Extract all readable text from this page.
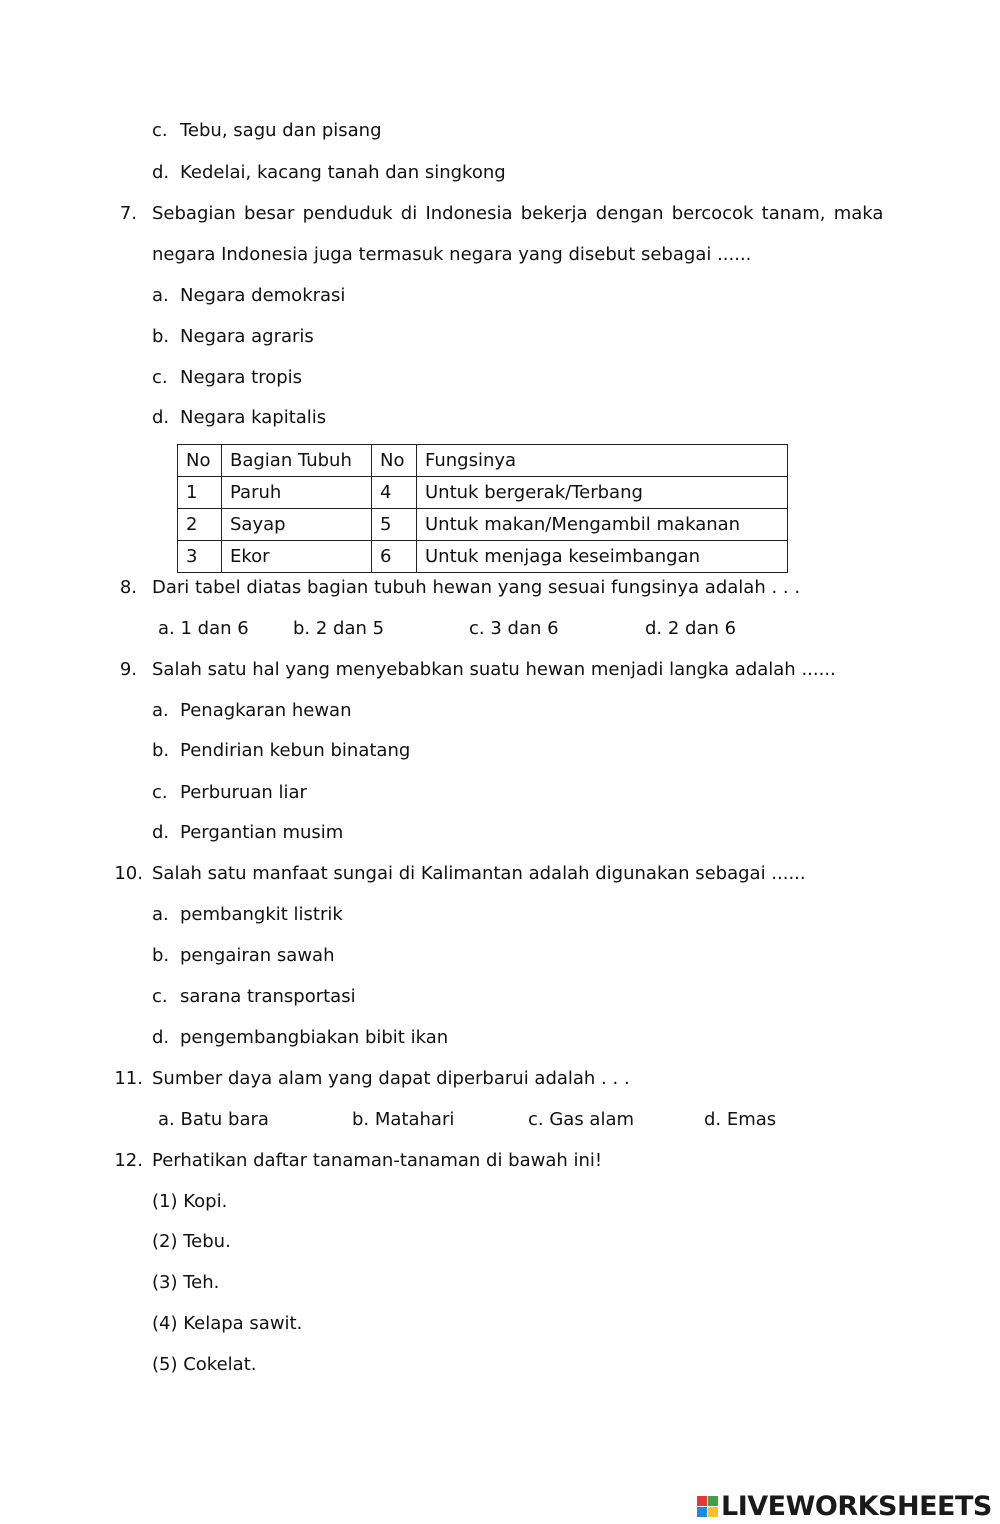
c. Tebu, sagu dan pisang
d. Kedelai, kacang tanah dan singkong
7. Sebagian besar penduduk di Indonesia bekerja dengan bercocok tanam, maka
negara Indonesia juga termasuk negara yang disebut sebagai ......
a. Negara demokrasi
b. Negara agraris
c. Negara tropis
d. Negara kapitalis
No	Bagian Tubuh	No	Fungsinya
1	Paruh	4	Untuk bergerak/Terbang
2	Sayap	5	Untuk makan/Mengambil makanan
3	Ekor	6	Untuk menjaga keseimbangan
8. Dari tabel diatas bagian tubuh hewan yang sesuai fungsinya adalah . . .
a. 1 dan 6 b. 2 dan 5	c. 3 dan 6	d. 2 dan 6
9. Salah satu hal yang menyebabkan suatu hewan menjadi langka adalah ......
a. Penagkaran hewan
b. Pendirian kebun binatang
c. Perburuan liar
d. Pergantian musim
10. Salah satu manfaat sungai di Kalimantan adalah digunakan sebagai ......
a. pembangkit listrik
b. pengairan sawah
c. sarana transportasi
d. pengembangbiakan bibit ikan
11. Sumber daya alam yang dapat diperbarui adalah . . .
a. Batu bara	b. Matahari	c. Gas alam	d. Emas
12. Perhatikan daftar tanaman-tanaman di bawah ini!
(1) Kopi.
(2) Tebu.
(3) Teh.
(4) Kelapa sawit.
(5) Cokelat.
LIVEWORKSHEETS
